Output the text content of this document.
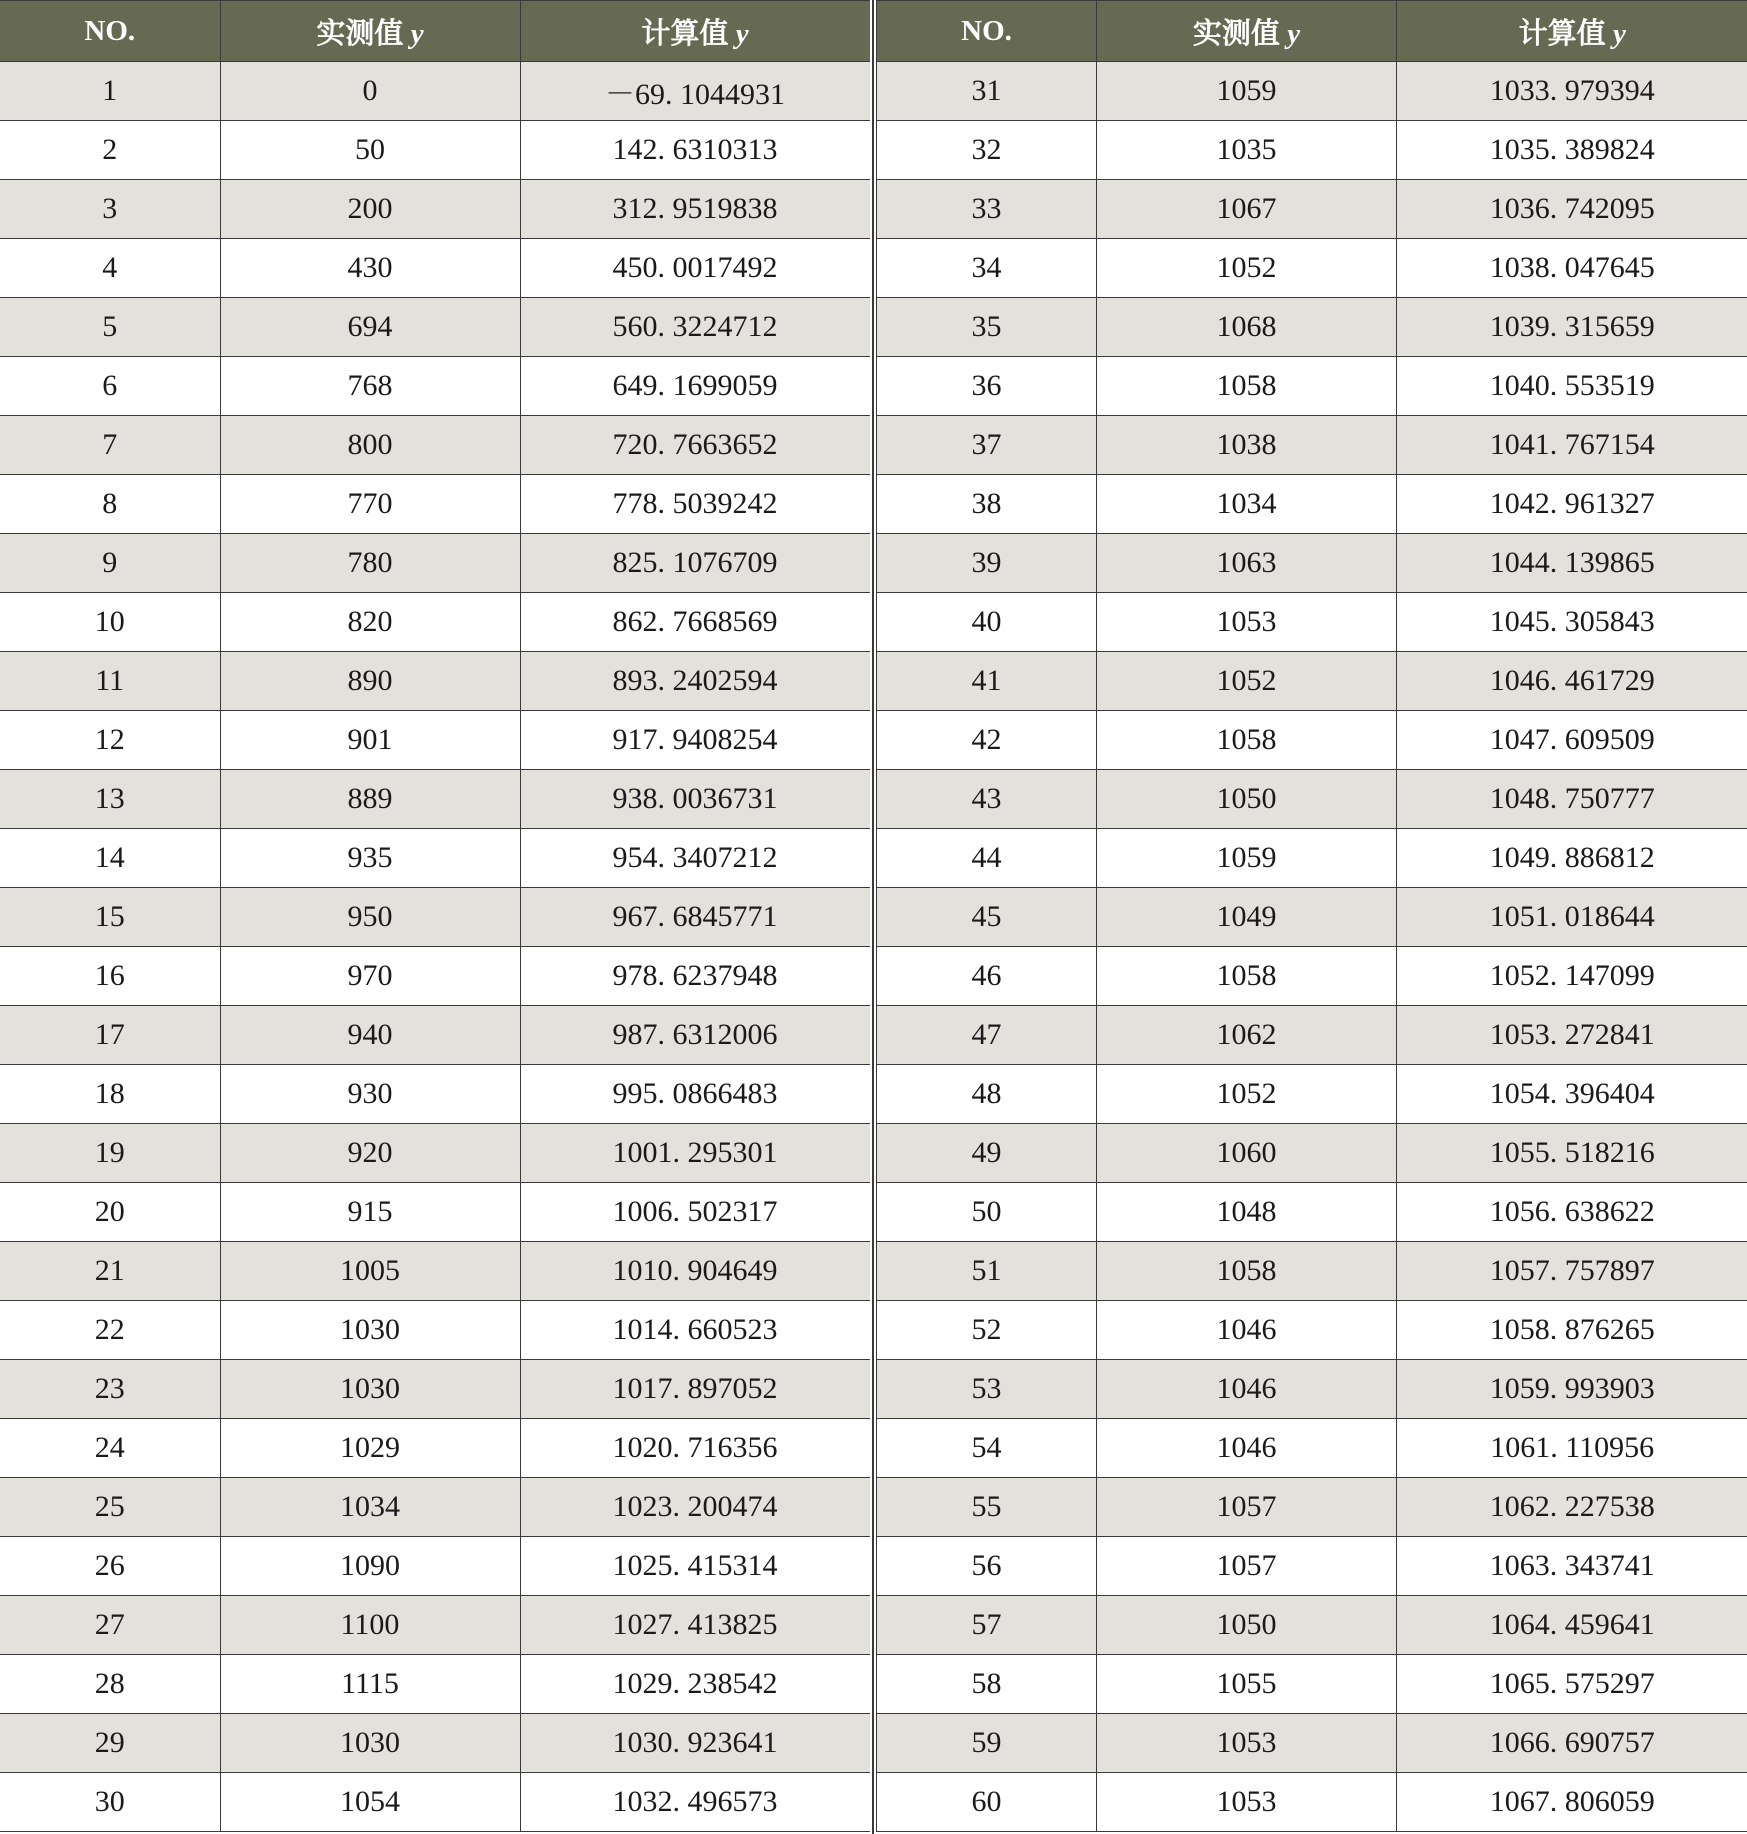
NO.	实测值 y	计算值 y
1	0	－69. 1044931
2	50	142. 6310313
3	200	312. 9519838
4	430	450. 0017492
5	694	560. 3224712
6	768	649. 1699059
7	800	720. 7663652
8	770	778. 5039242
9	780	825. 1076709
10	820	862. 7668569
11	890	893. 2402594
12	901	917. 9408254
13	889	938. 0036731
14	935	954. 3407212
15	950	967. 6845771
16	970	978. 6237948
17	940	987. 6312006
18	930	995. 0866483
19	920	1001. 295301
20	915	1006. 502317
21	1005	1010. 904649
22	1030	1014. 660523
23	1030	1017. 897052
24	1029	1020. 716356
25	1034	1023. 200474
26	1090	1025. 415314
27	1100	1027. 413825
28	1115	1029. 238542
29	1030	1030. 923641
30	1054	1032. 496573
NO.	实测值 y	计算值 y
31	1059	1033. 979394
32	1035	1035. 389824
33	1067	1036. 742095
34	1052	1038. 047645
35	1068	1039. 315659
36	1058	1040. 553519
37	1038	1041. 767154
38	1034	1042. 961327
39	1063	1044. 139865
40	1053	1045. 305843
41	1052	1046. 461729
42	1058	1047. 609509
43	1050	1048. 750777
44	1059	1049. 886812
45	1049	1051. 018644
46	1058	1052. 147099
47	1062	1053. 272841
48	1052	1054. 396404
49	1060	1055. 518216
50	1048	1056. 638622
51	1058	1057. 757897
52	1046	1058. 876265
53	1046	1059. 993903
54	1046	1061. 110956
55	1057	1062. 227538
56	1057	1063. 343741
57	1050	1064. 459641
58	1055	1065. 575297
59	1053	1066. 690757
60	1053	1067. 806059
